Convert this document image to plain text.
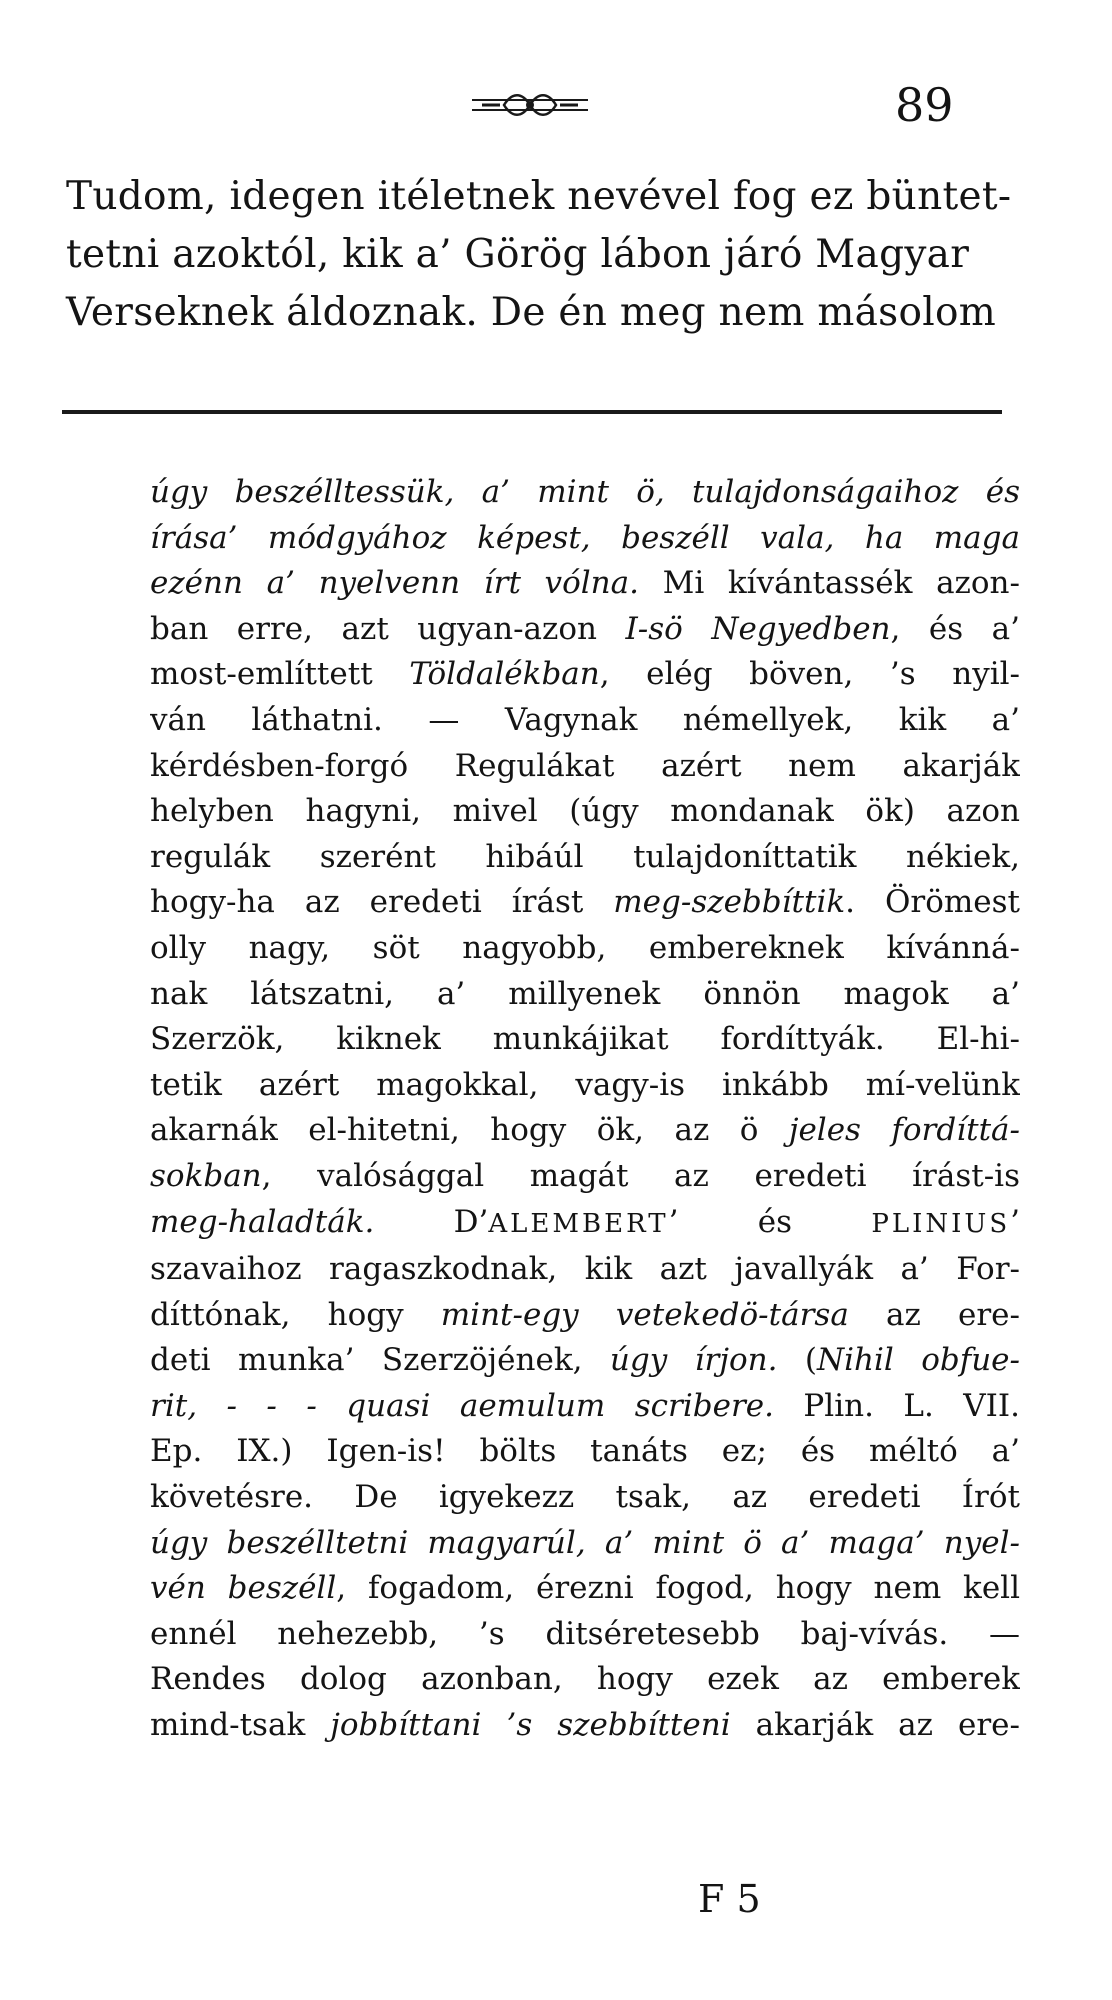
89
Tudom, idegen itéletnek nevével fog ez büntet-
tetni azoktól, kik a’ Görög lábon járó Magyar
Verseknek áldoznak. De én meg nem másolom
úgy beszélltessük, a’ mint ö, tulajdonságaihoz és
írása’ módgyához képest, beszéll vala, ha maga
ezénn a’ nyelvenn írt vólna. Mi kívántassék azon-
ban erre, azt ugyan-azon I-sö Negyedben, és a’
most-említtett Töldalékban, elég böven, ’s nyil-
ván láthatni. — Vagynak némellyek, kik a’
kérdésben-forgó Regulákat azért nem akarják
helyben hagyni, mivel (úgy mondanak ök) azon
regulák szerént hibáúl tulajdoníttatik nékiek,
hogy-ha az eredeti írást meg-szebbíttik. Örömest
olly nagy, söt nagyobb, embereknek kívánná-
nak látszatni, a’ millyenek önnön magok a’
Szerzök, kiknek munkájikat fordíttyák. El-hi-
tetik azért magokkal, vagy-is inkább mí-velünk
akarnák el-hitetni, hogy ök, az ö jeles fordíttá-
sokban, valósággal magát az eredeti írást-is
meg-haladták. D’ALEMBERT’ és PLINIUS’
szavaihoz ragaszkodnak, kik azt javallyák a’ For-
díttónak, hogy mint-egy vetekedö-társa az ere-
deti munka’ Szerzöjének, úgy írjon. (Nihil obfue-
rit, - - - quasi aemulum scribere. Plin. L. VII.
Ep. IX.) Igen-is! bölts tanáts ez; és méltó a’
követésre. De igyekezz tsak, az eredeti Írót
úgy beszélltetni magyarúl, a’ mint ö a’ maga’ nyel-
vén beszéll, fogadom, érezni fogod, hogy nem kell
ennél nehezebb, ’s ditséretesebb baj-vívás. —
Rendes dolog azonban, hogy ezek az emberek
mind-tsak jobbíttani ’s szebbítteni akarják az ere-
F 5
